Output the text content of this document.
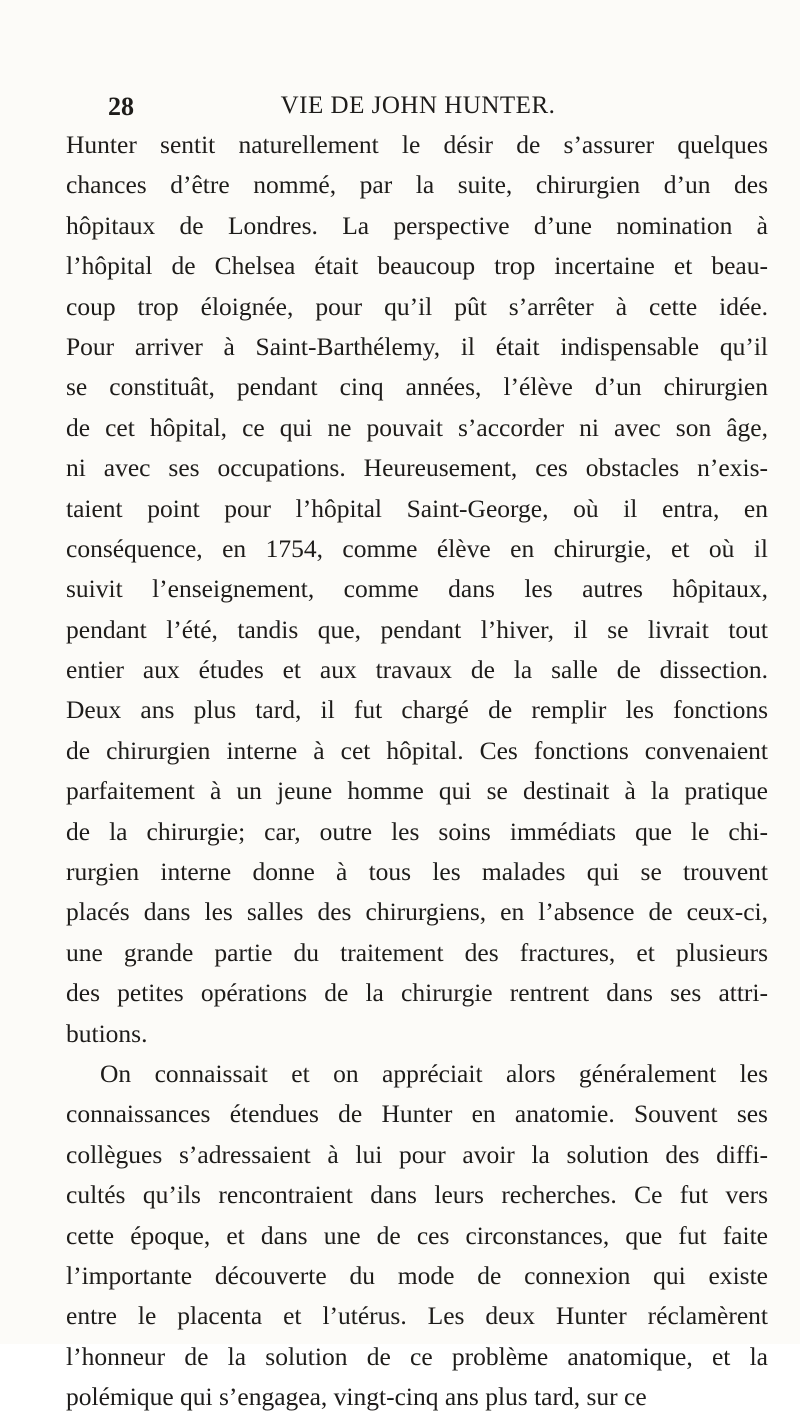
28	VIE DE JOHN HUNTER.
Hunter sentit naturellement le désir de s’assurer quelques
chances d’être nommé, par la suite, chirurgien d’un des
hôpitaux de Londres. La perspective d’une nomination à
l’hôpital de Chelsea était beaucoup trop incertaine et beau-
coup trop éloignée, pour qu’il pût s’arrêter à cette idée.
Pour arriver à Saint-Barthélemy, il était indispensable qu’il
se constituât, pendant cinq années, l’élève d’un chirurgien
de cet hôpital, ce qui ne pouvait s’accorder ni avec son âge,
ni avec ses occupations. Heureusement, ces obstacles n’exis-
taient point pour l’hôpital Saint-George, où il entra, en
conséquence, en 1754, comme élève en chirurgie, et où il
suivit l’enseignement, comme dans les autres hôpitaux,
pendant l’été, tandis que, pendant l’hiver, il se livrait tout
entier aux études et aux travaux de la salle de dissection.
Deux ans plus tard, il fut chargé de remplir les fonctions
de chirurgien interne à cet hôpital. Ces fonctions convenaient
parfaitement à un jeune homme qui se destinait à la pratique
de la chirurgie; car, outre les soins immédiats que le chi-
rurgien interne donne à tous les malades qui se trouvent
placés dans les salles des chirurgiens, en l’absence de ceux-ci,
une grande partie du traitement des fractures, et plusieurs
des petites opérations de la chirurgie rentrent dans ses attri-
butions.
On connaissait et on appréciait alors généralement les
connaissances étendues de Hunter en anatomie. Souvent ses
collègues s’adressaient à lui pour avoir la solution des diffi-
cultés qu’ils rencontraient dans leurs recherches. Ce fut vers
cette époque, et dans une de ces circonstances, que fut faite
l’importante découverte du mode de connexion qui existe
entre le placenta et l’utérus. Les deux Hunter réclamèrent
l’honneur de la solution de ce problème anatomique, et la
polémique qui s’engagea, vingt-cinq ans plus tard, sur ce
